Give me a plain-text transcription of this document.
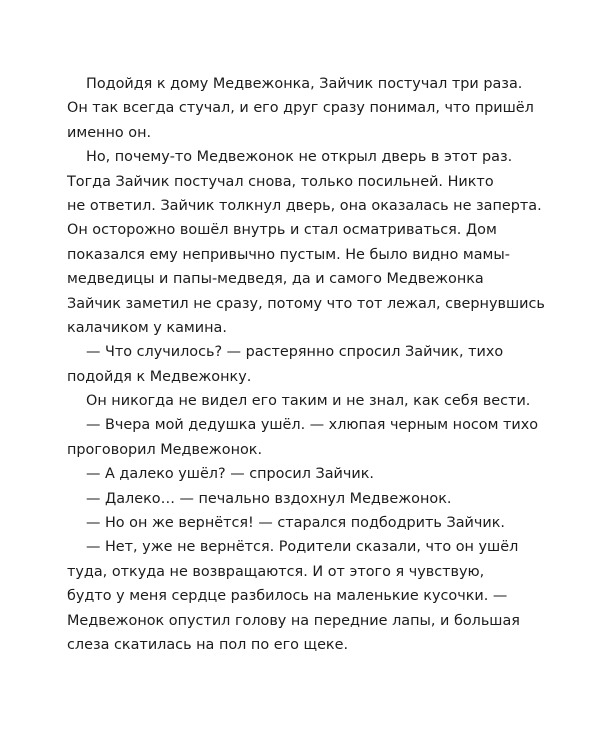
Подойдя к дому Медвежонка, Зайчик постучал три раза.
Он так всегда стучал, и его друг сразу понимал, что пришёл
именно он.
Но, почему-то Медвежонок не открыл дверь в этот раз.
Тогда Зайчик постучал снова, только посильней. Никто
не ответил. Зайчик толкнул дверь, она оказалась не заперта.
Он осторожно вошёл внутрь и стал осматриваться. Дом
показался ему непривычно пустым. Не было видно мамы-
медведицы и папы-медведя, да и самого Медвежонка
Зайчик заметил не сразу, потому что тот лежал, свернувшись
калачиком у камина.
— Что случилось? — растерянно спросил Зайчик, тихо
подойдя к Медвежонку.
Он никогда не видел его таким и не знал, как себя вести.
— Вчера мой дедушка ушёл. — хлюпая черным носом тихо
проговорил Медвежонок.
— А далеко ушёл? — спросил Зайчик.
— Далеко… — печально вздохнул Медвежонок.
— Но он же вернётся! — старался подбодрить Зайчик.
— Нет, уже не вернётся. Родители сказали, что он ушёл
туда, откуда не возвращаются. И от этого я чувствую,
будто у меня сердце разбилось на маленькие кусочки. —
Медвежонок опустил голову на передние лапы, и большая
слеза скатилась на пол по его щеке.
